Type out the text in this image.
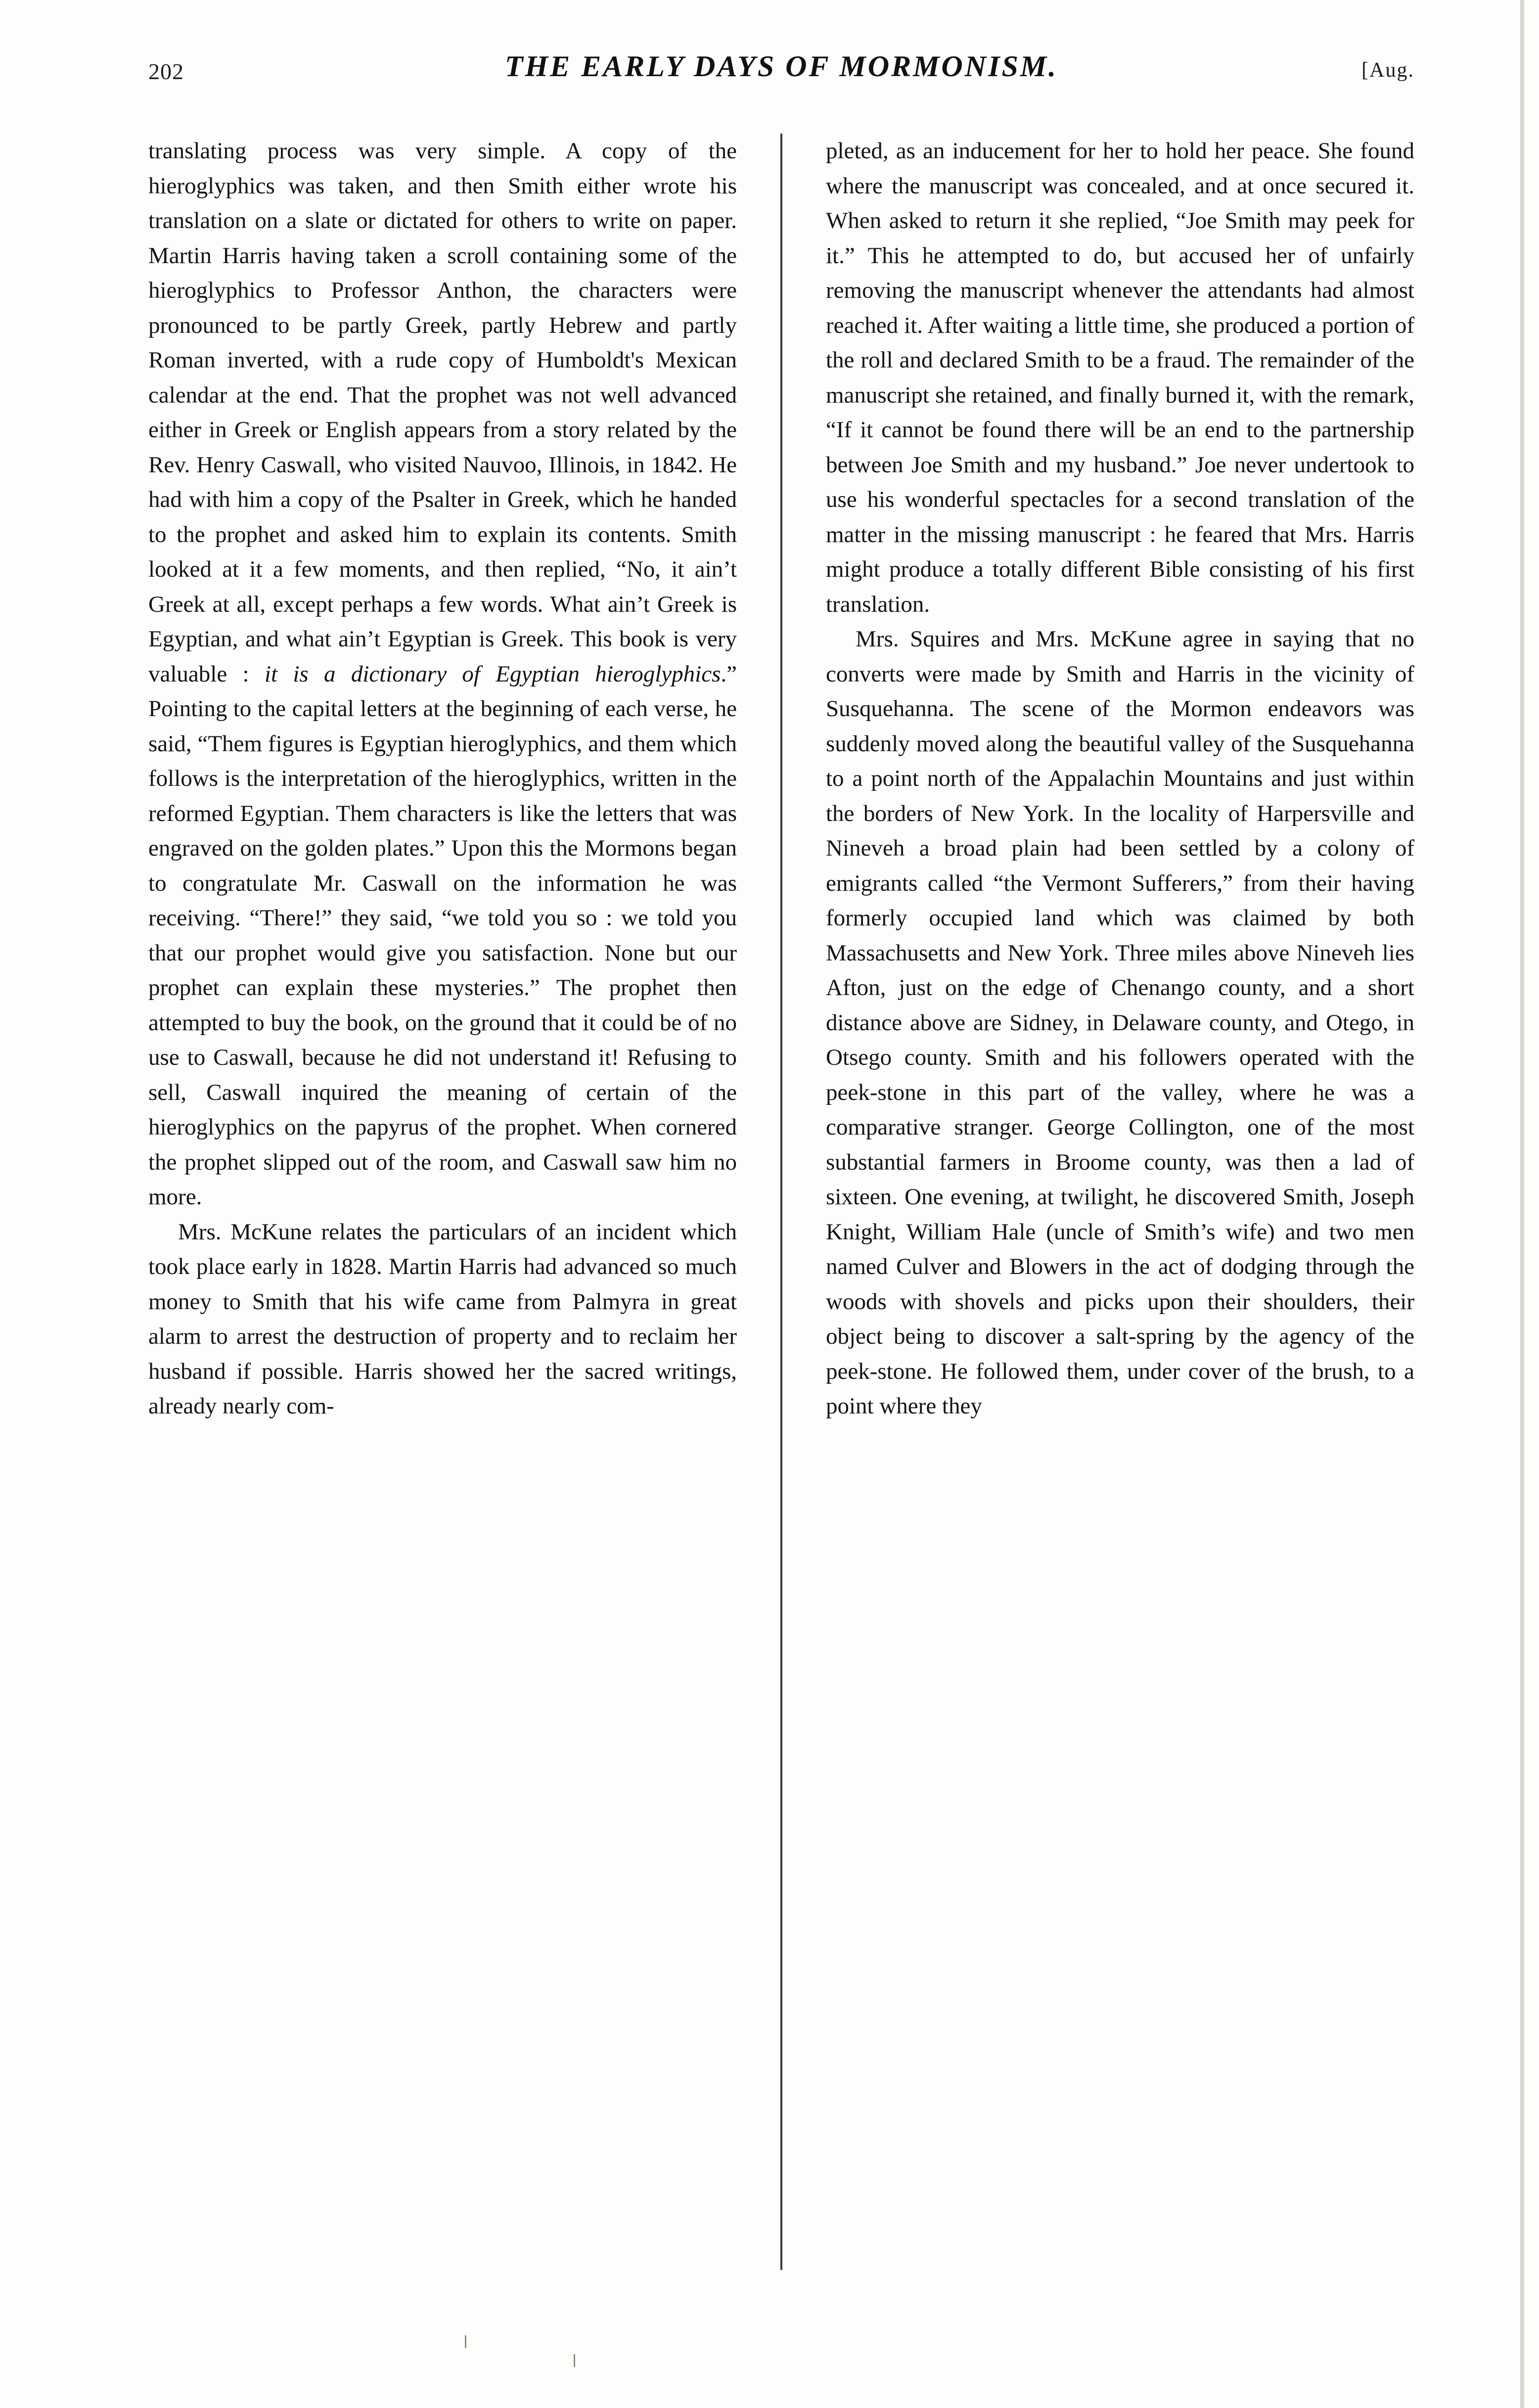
202	THE EARLY DAYS OF MORMONISM.	[Aug.

translating process was very simple. A copy of the hieroglyphics was taken, and then Smith either wrote his translation on a slate or dictated for others to write on paper. Martin Harris having taken a scroll containing some of the hieroglyphics to Professor Anthon, the characters were pronounced to be partly Greek, partly Hebrew and partly Roman inverted, with a rude copy of Humboldt's Mexican calendar at the end. That the prophet was not well advanced either in Greek or English appears from a story related by the Rev. Henry Caswall, who visited Nauvoo, Illinois, in 1842. He had with him a copy of the Psalter in Greek, which he handed to the prophet and asked him to explain its contents. Smith looked at it a few moments, and then replied, “No, it ain’t Greek at all, except perhaps a few words. What ain’t Greek is Egyptian, and what ain’t Egyptian is Greek. This book is very valuable : it is a dictionary of Egyptian hieroglyphics.” Pointing to the capital letters at the beginning of each verse, he said, “Them figures is Egyptian hieroglyphics, and them which follows is the interpretation of the hieroglyphics, written in the reformed Egyptian. Them characters is like the letters that was engraved on the golden plates.” Upon this the Mormons began to congratulate Mr. Caswall on the information he was receiving. “There!” they said, “we told you so : we told you that our prophet would give you satisfaction. None but our prophet can explain these mysteries.” The prophet then attempted to buy the book, on the ground that it could be of no use to Caswall, because he did not understand it! Refusing to sell, Caswall inquired the meaning of certain of the hieroglyphics on the papyrus of the prophet. When cornered the prophet slipped out of the room, and Caswall saw him no more.

Mrs. McKune relates the particulars of an incident which took place early in 1828. Martin Harris had advanced so much money to Smith that his wife came from Palmyra in great alarm to arrest the destruction of property and to reclaim her husband if possible. Harris showed her the sacred writings, already nearly com-

pleted, as an inducement for her to hold her peace. She found where the manuscript was concealed, and at once secured it. When asked to return it she replied, “Joe Smith may peek for it.” This he attempted to do, but accused her of unfairly removing the manuscript whenever the attendants had almost reached it. After waiting a little time, she produced a portion of the roll and declared Smith to be a fraud. The remainder of the manuscript she retained, and finally burned it, with the remark, “If it cannot be found there will be an end to the partnership between Joe Smith and my husband.” Joe never undertook to use his wonderful spectacles for a second translation of the matter in the missing manuscript : he feared that Mrs. Harris might produce a totally different Bible consisting of his first translation.

Mrs. Squires and Mrs. McKune agree in saying that no converts were made by Smith and Harris in the vicinity of Susquehanna. The scene of the Mormon endeavors was suddenly moved along the beautiful valley of the Susquehanna to a point north of the Appalachin Mountains and just within the borders of New York. In the locality of Harpersville and Nineveh a broad plain had been settled by a colony of emigrants called “the Vermont Sufferers,” from their having formerly occupied land which was claimed by both Massachusetts and New York. Three miles above Nineveh lies Afton, just on the edge of Chenango county, and a short distance above are Sidney, in Delaware county, and Otego, in Otsego county. Smith and his followers operated with the peek-stone in this part of the valley, where he was a comparative stranger. George Collington, one of the most substantial farmers in Broome county, was then a lad of sixteen. One evening, at twilight, he discovered Smith, Joseph Knight, William Hale (uncle of Smith’s wife) and two men named Culver and Blowers in the act of dodging through the woods with shovels and picks upon their shoulders, their object being to discover a salt-spring by the agency of the peek-stone. He followed them, under cover of the brush, to a point where they
